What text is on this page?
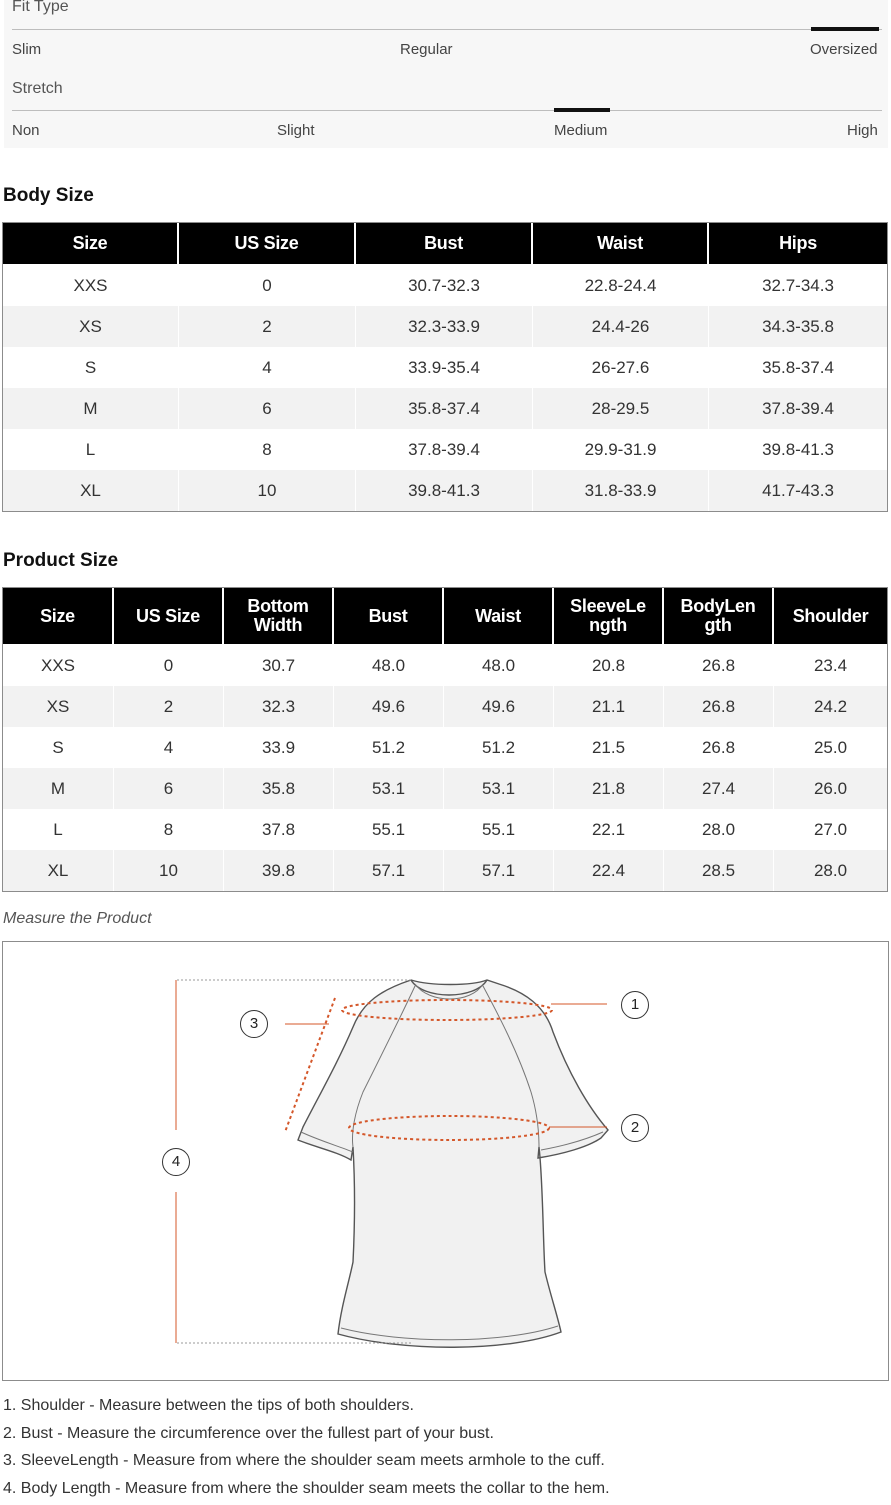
Fit Type
Slim	Regular	Oversized
Stretch
Non	Slight	Medium	High
Body Size
Size	US Size	Bust	Waist	Hips
XXS	0	30.7-32.3	22.8-24.4	32.7-34.3
XS	2	32.3-33.9	24.4-26	34.3-35.8
S	4	33.9-35.4	26-27.6	35.8-37.4
M	6	35.8-37.4	28-29.5	37.8-39.4
L	8	37.8-39.4	29.9-31.9	39.8-41.3
XL	10	39.8-41.3	31.8-33.9	41.7-43.3
Product Size
Size	US Size	Bottom Width	Bust	Waist	SleeveLe ngth	BodyLen gth	Shoulder
XXS	0	30.7	48.0	48.0	20.8	26.8	23.4
XS	2	32.3	49.6	49.6	21.1	26.8	24.2
S	4	33.9	51.2	51.2	21.5	26.8	25.0
M	6	35.8	53.1	53.1	21.8	27.4	26.0
L	8	37.8	55.1	55.1	22.1	28.0	27.0
XL	10	39.8	57.1	57.1	22.4	28.5	28.0
Measure the Product
1
2
3
4
1. Shoulder - Measure between the tips of both shoulders.
2. Bust - Measure the circumference over the fullest part of your bust.
3. SleeveLength - Measure from where the shoulder seam meets armhole to the cuff.
4. Body Length - Measure from where the shoulder seam meets the collar to the hem.
